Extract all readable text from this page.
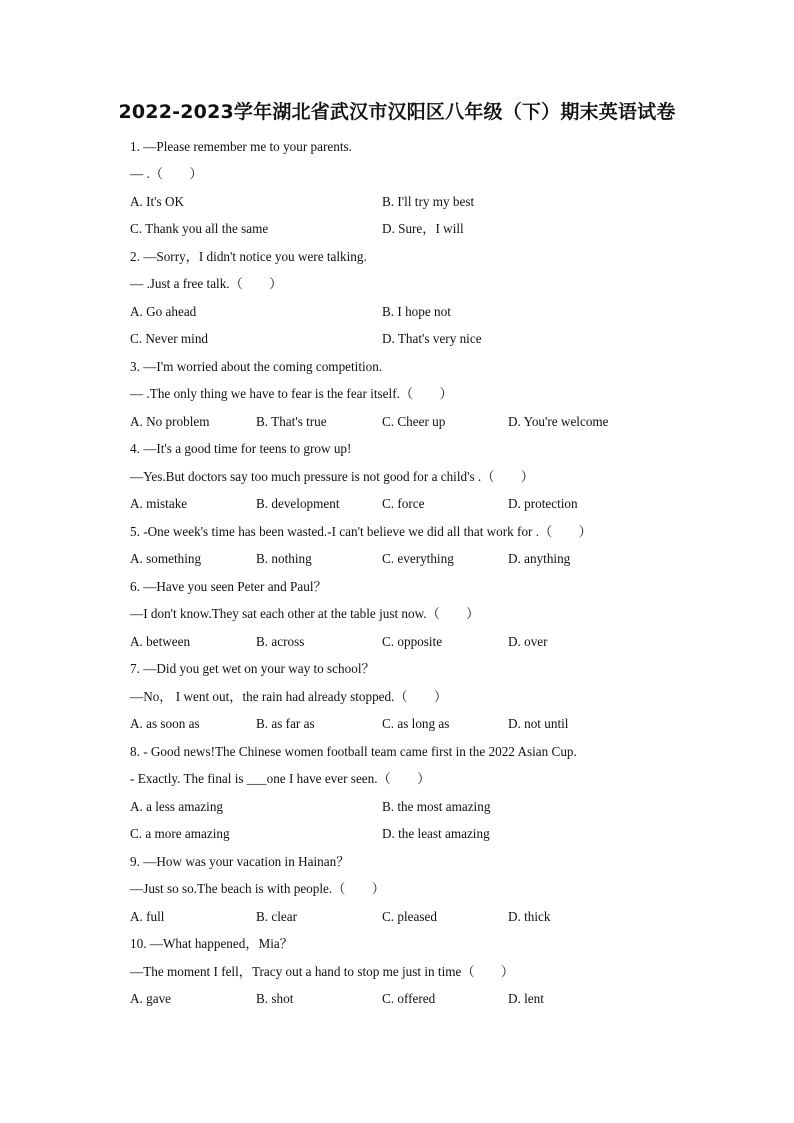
2022-2023学年湖北省武汉市汉阳区八年级（下）期末英语试卷
1. —Please remember me to your parents.
— .（　　）
A. It's OK	B. I'll try my best
C. Thank you all the same	D. Sure，I will
2. —Sorry，I didn't notice you were talking.
— .Just a free talk.（　　）
A. Go ahead	B. I hope not
C. Never mind	D. That's very nice
3. —I'm worried about the coming competition.
— .The only thing we have to fear is the fear itself.（　　）
A. No problem	B. That's true	C. Cheer up	D. You're welcome
4. —It's a good time for teens to grow up!
—Yes.But doctors say too much pressure is not good for a child's .（　　）
A. mistake	B. development	C. force	D. protection
5. -One week's time has been wasted.-I can't believe we did all that work for .（　　）
A. something	B. nothing	C. everything	D. anything
6. —Have you seen Peter and Paul？
—I don't know.They sat each other at the table just now.（　　）
A. between	B. across	C. opposite	D. over
7. —Did you get wet on your way to school？
—No， I went out，the rain had already stopped.（　　）
A. as soon as	B. as far as	C. as long as	D. not until
8. - Good news!The Chinese women football team came first in the 2022 Asian Cup.
- Exactly. The final is ___one I have ever seen.（　　）
A. a less amazing	B. the most amazing
C. a more amazing	D. the least amazing
9. —How was your vacation in Hainan？
—Just so so.The beach is with people.（　　）
A. full	B. clear	C. pleased	D. thick
10. —What happened，Mia？
—The moment I fell，Tracy out a hand to stop me just in time（　　）
A. gave	B. shot	C. offered	D. lent
